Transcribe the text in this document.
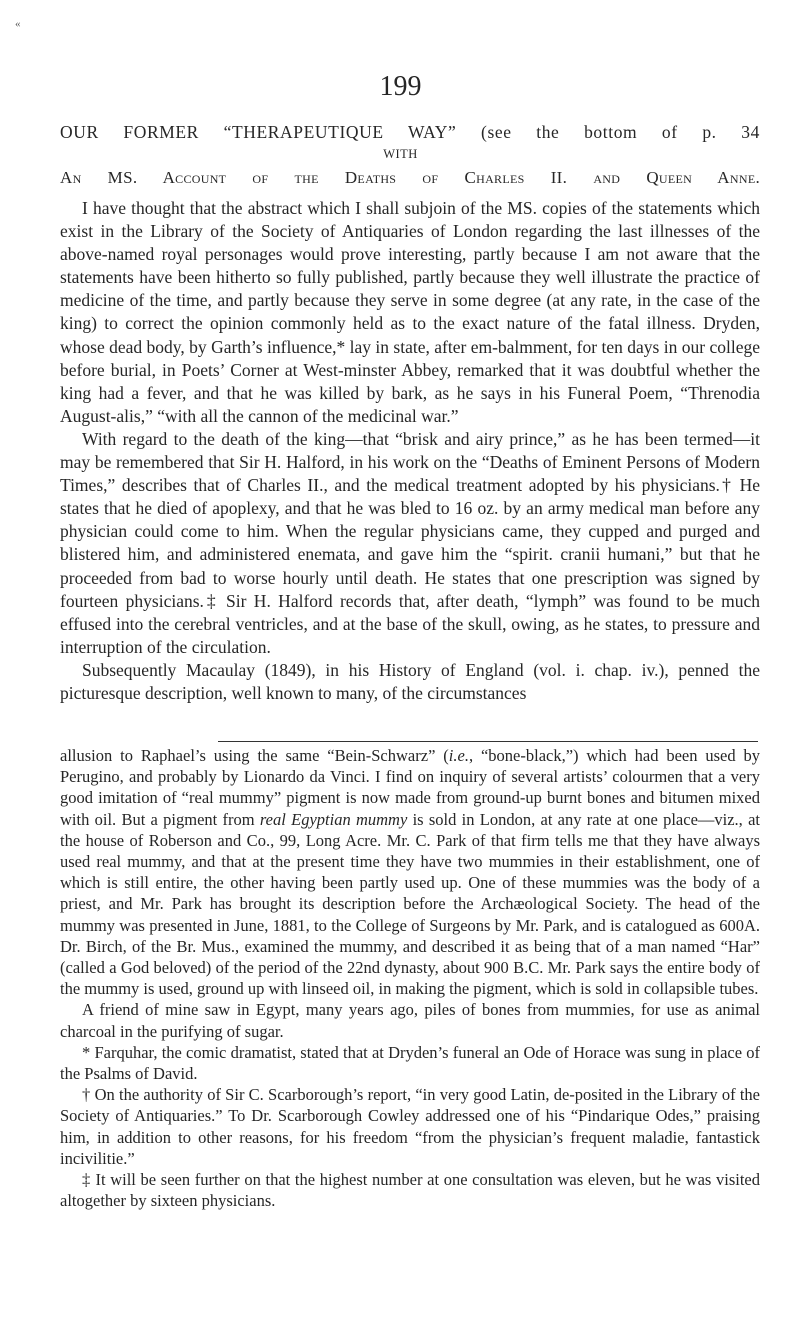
«
199
OUR FORMER “THERAPEUTIQUE WAY” (see the bottom of p. 34
WITH
An MS. Account of the Deaths of Charles II. and Queen Anne.

I have thought that the abstract which I shall subjoin of the MS. copies of the statements which exist in the Library of the Society of Antiquaries of London regarding the last illnesses of the above-named royal personages would prove interesting, partly because I am not aware that the statements have been hitherto so fully published, partly because they well illustrate the practice of medicine of the time, and partly because they serve in some degree (at any rate, in the case of the king) to correct the opinion commonly held as to the exact nature of the fatal illness. Dryden, whose dead body, by Garth’s influence,* lay in state, after em-balmment, for ten days in our college before burial, in Poets’ Corner at West-minster Abbey, remarked that it was doubtful whether the king had a fever, and that he was killed by bark, as he says in his Funeral Poem, “Threnodia August-alis,” “with all the cannon of the medicinal war.”

With regard to the death of the king—that “brisk and airy prince,” as he has been termed—it may be remembered that Sir H. Halford, in his work on the “Deaths of Eminent Persons of Modern Times,” describes that of Charles II., and the medical treatment adopted by his physicians.† He states that he died of apoplexy, and that he was bled to 16 oz. by an army medical man before any physician could come to him. When the regular physicians came, they cupped and purged and blistered him, and administered enemata, and gave him the “spirit. cranii humani,” but that he proceeded from bad to worse hourly until death. He states that one prescription was signed by fourteen physicians.‡ Sir H. Halford records that, after death, “lymph” was found to be much effused into the cerebral ventricles, and at the base of the skull, owing, as he states, to pressure and interruption of the circulation.

Subsequently Macaulay (1849), in his History of England (vol. i. chap. iv.), penned the picturesque description, well known to many, of the circumstances

allusion to Raphael’s using the same “Bein-Schwarz” (i.e., “bone-black,”) which had been used by Perugino, and probably by Lionardo da Vinci. I find on inquiry of several artists’ colourmen that a very good imitation of “real mummy” pigment is now made from ground-up burnt bones and bitumen mixed with oil. But a pigment from real Egyptian mummy is sold in London, at any rate at one place—viz., at the house of Roberson and Co., 99, Long Acre. Mr. C. Park of that firm tells me that they have always used real mummy, and that at the present time they have two mummies in their establishment, one of which is still entire, the other having been partly used up. One of these mummies was the body of a priest, and Mr. Park has brought its description before the Archæological Society. The head of the mummy was presented in June, 1881, to the College of Surgeons by Mr. Park, and is catalogued as 600A. Dr. Birch, of the Br. Mus., examined the mummy, and described it as being that of a man named “Har” (called a God beloved) of the period of the 22nd dynasty, about 900 B.C. Mr. Park says the entire body of the mummy is used, ground up with linseed oil, in making the pigment, which is sold in collapsible tubes.

A friend of mine saw in Egypt, many years ago, piles of bones from mummies, for use as animal charcoal in the purifying of sugar.

* Farquhar, the comic dramatist, stated that at Dryden’s funeral an Ode of Horace was sung in place of the Psalms of David.

† On the authority of Sir C. Scarborough’s report, “in very good Latin, de-posited in the Library of the Society of Antiquaries.” To Dr. Scarborough Cowley addressed one of his “Pindarique Odes,” praising him, in addition to other reasons, for his freedom “from the physician’s frequent maladie, fantastick incivilitie.”

‡ It will be seen further on that the highest number at one consultation was eleven, but he was visited altogether by sixteen physicians.
